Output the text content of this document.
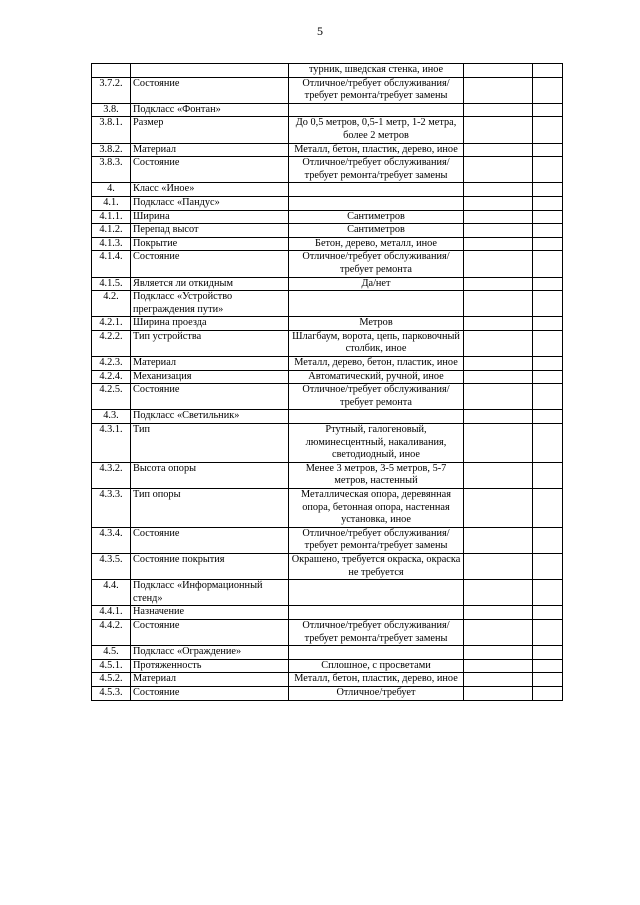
5
		турник, шведская стенка, иное		
3.7.2.	Состояние	Отличное/требует обслуживания/требует ремонта/требует замены		
3.8.	Подкласс «Фонтан»			
3.8.1.	Размер	До 0,5 метров, 0,5-1 метр, 1-2 метра, более 2 метров		
3.8.2.	Материал	Металл, бетон, пластик, дерево, иное		
3.8.3.	Состояние	Отличное/требует обслуживания/требует ремонта/требует замены		
4.	Класс «Иное»			
4.1.	Подкласс «Пандус»			
4.1.1.	Ширина	Сантиметров		
4.1.2.	Перепад высот	Сантиметров		
4.1.3.	Покрытие	Бетон, дерево, металл, иное		
4.1.4.	Состояние	Отличное/требует обслуживания/требует ремонта		
4.1.5.	Является ли откидным	Да/нет		
4.2.	Подкласс «Устройство преграждения пути»			
4.2.1.	Ширина проезда	Метров		
4.2.2.	Тип устройства	Шлагбаум, ворота, цепь, парковочный столбик, иное		
4.2.3.	Материал	Металл, дерево, бетон, пластик, иное		
4.2.4.	Механизация	Автоматический, ручной, иное		
4.2.5.	Состояние	Отличное/требует обслуживания/требует ремонта		
4.3.	Подкласс «Светильник»			
4.3.1.	Тип	Ртутный, галогеновый, люминесцентный, накаливания, светодиодный, иное		
4.3.2.	Высота опоры	Менее 3 метров, 3-5 метров, 5-7 метров, настенный		
4.3.3.	Тип опоры	Металлическая опора, деревянная опора, бетонная опора, настенная установка, иное		
4.3.4.	Состояние	Отличное/требует обслуживания/требует ремонта/требует замены		
4.3.5.	Состояние покрытия	Окрашено, требуется окраска, окраска не требуется		
4.4.	Подкласс «Информационный стенд»			
4.4.1.	Назначение			
4.4.2.	Состояние	Отличное/требует обслуживания/требует ремонта/требует замены		
4.5.	Подкласс «Ограждение»			
4.5.1.	Протяженность	Сплошное, с просветами		
4.5.2.	Материал	Металл, бетон, пластик, дерево, иное		
4.5.3.	Состояние	Отличное/требует		
